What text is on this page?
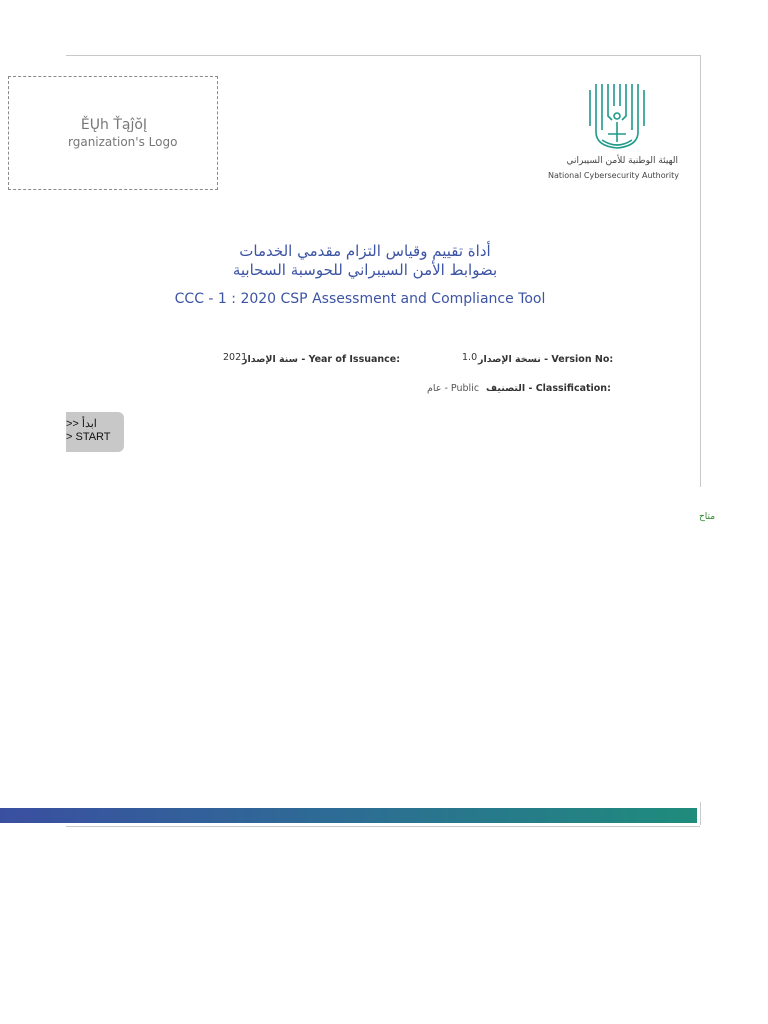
ĚŲh ŤąĵŏĮ
rganization's Logo
الهيئة الوطنية للأمن السيبراني
National Cybersecurity Authority
أداة تقييم وقياس التزام مقدمي الخدمات
بضوابط الأمن السيبراني للحوسبة السحابية
CCC - 1 : 2020 CSP Assessment and Compliance Tool
2021
سنة الإصدار - Year of Issuance:	1.0 نسخة الإصدار - Version No:
عام - Public التصنيف - Classification:
ابدأ <<
> START
متاح
